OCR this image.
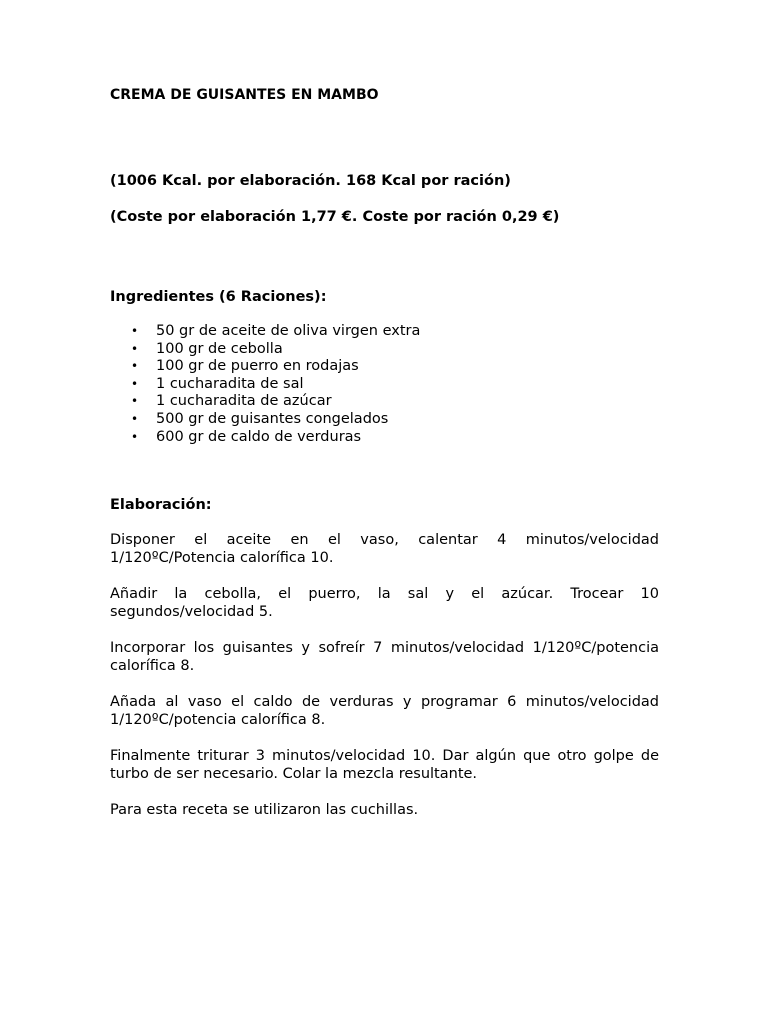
CREMA DE GUISANTES EN MAMBO

(1006 Kcal. por elaboración. 168 Kcal por ración)

(Coste por elaboración 1,77 €. Coste por ración 0,29 €)

Ingredientes (6 Raciones):

• 50 gr de aceite de oliva virgen extra
• 100 gr de cebolla
• 100 gr de puerro en rodajas
• 1 cucharadita de sal
• 1 cucharadita de azúcar
• 500 gr de guisantes congelados
• 600 gr de caldo de verduras

Elaboración:

Disponer el aceite en el vaso, calentar 4 minutos/velocidad 1/120ºC/Potencia calorífica 10.

Añadir la cebolla, el puerro, la sal y el azúcar. Trocear 10 segundos/velocidad 5.

Incorporar los guisantes y sofreír 7 minutos/velocidad 1/120ºC/potencia calorífica 8.

Añada al vaso el caldo de verduras y programar 6 minutos/velocidad 1/120ºC/potencia calorífica 8.

Finalmente triturar 3 minutos/velocidad 10. Dar algún que otro golpe de turbo de ser necesario. Colar la mezcla resultante.

Para esta receta se utilizaron las cuchillas.
